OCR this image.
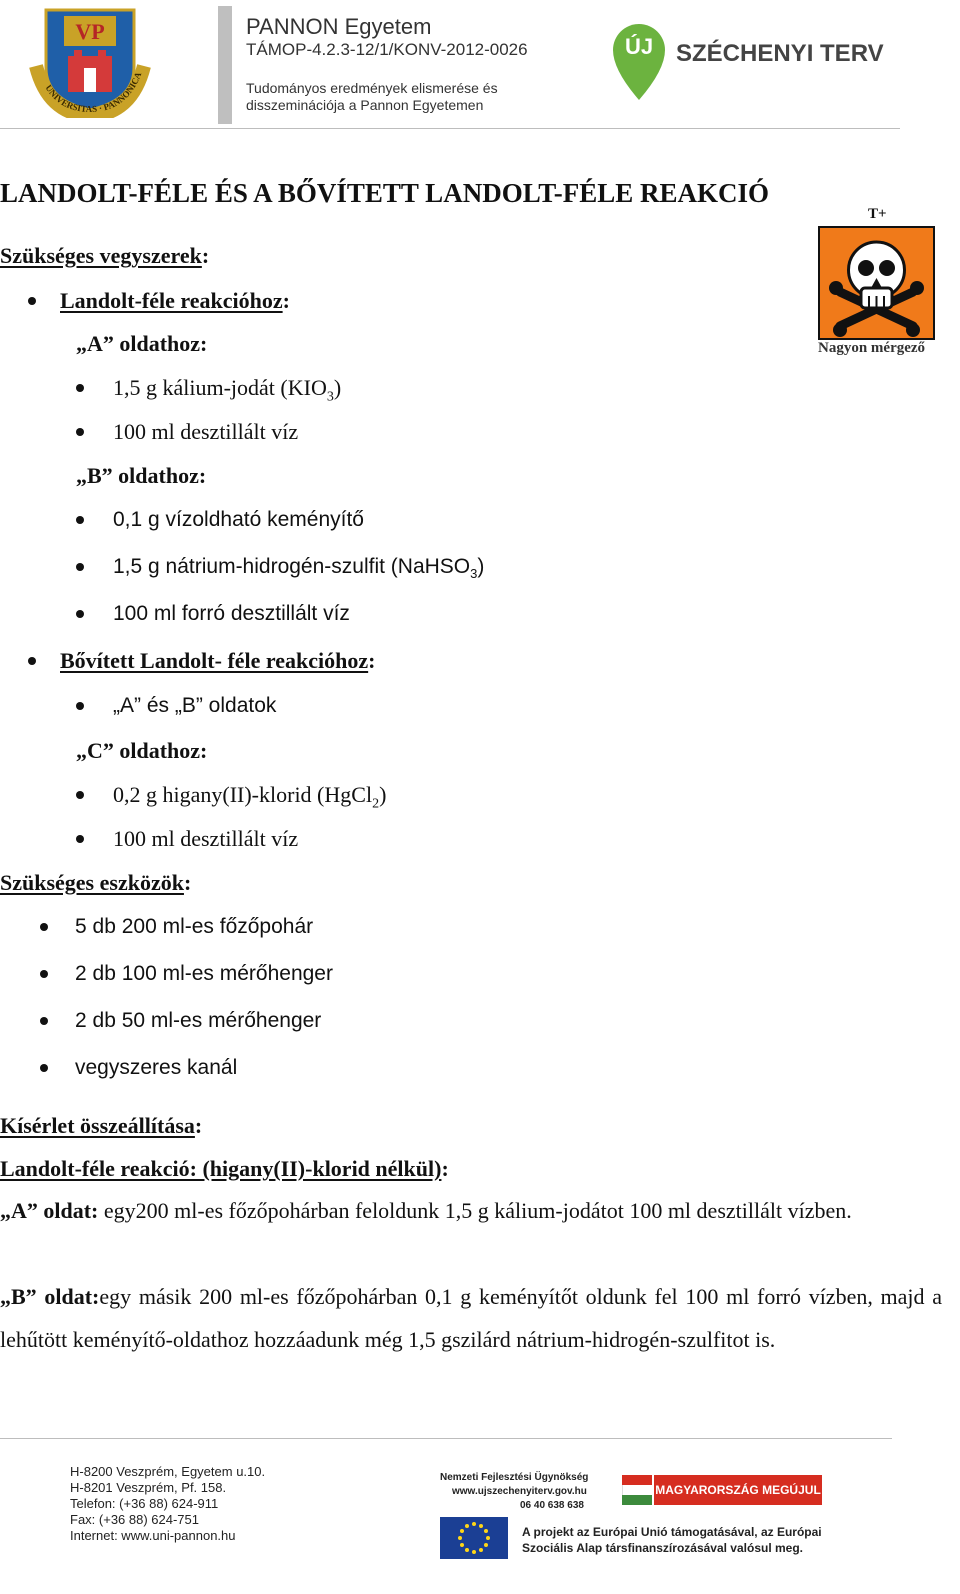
VP
UNIVERSITAS · PANNONICA
PANNON Egyetem
TÁMOP-4.2.3-12/1/KONV-2012-0026
Tudományos eredmények elismerése és
disszeminációja a Pannon Egyetemen
ÚJ SZÉCHENYI TERV
LANDOLT-FÉLE ÉS A BŐVÍTETT LANDOLT-FÉLE REAKCIÓ
T+
Nagyon mérgező
Szükséges vegyszerek:
Landolt-féle reakcióhoz:
„A” oldathoz:
1,5 g kálium-jodát $(KIO_3)$
100 ml desztillált víz
„B” oldathoz:
0,1 g vízoldható keményítő
1,5 g nátrium-hidrogén-szulfit (NaHSO$_3$)
100 ml forró desztillált víz
Bővített Landolt- féle reakcióhoz:
„A” és „B” oldatok
„C” oldathoz:
0,2 g higany(II)-klorid (HgCl$_2$)
100 ml desztillált víz
Szükséges eszközök:
5 db 200 ml-es főzőpohár
2 db 100 ml-es mérőhenger
2 db 50 ml-es mérőhenger
vegyszeres kanál
Kísérlet összeállítása:
Landolt-féle reakció: (higany(II)-klorid nélkül):
„A” oldat: egy200 ml-es főzőpohárban feloldunk 1,5 g kálium-jodátot 100 ml desztillált vízben.
„B” oldat:egy másik 200 ml-es főzőpohárban 0,1 g keményítőt oldunk fel 100 ml forró vízben, majd a lehűtött keményítő-oldathoz hozzáadunk még 1,5 gszilárd nátrium-hidrogén-szulfitot is.
H-8200 Veszprém, Egyetem u.10.
H-8201 Veszprém, Pf. 158.
Telefon: (+36 88) 624-911
Fax: (+36 88) 624-751
Internet: www.uni-pannon.hu
Nemzeti Fejlesztési Ügynökség
www.ujszechenyiterv.gov.hu
06 40 638 638
MAGYARORSZÁG MEGÚJUL
A projekt az Európai Unió támogatásával, az Európai
Szociális Alap társfinanszírozásával valósul meg.
